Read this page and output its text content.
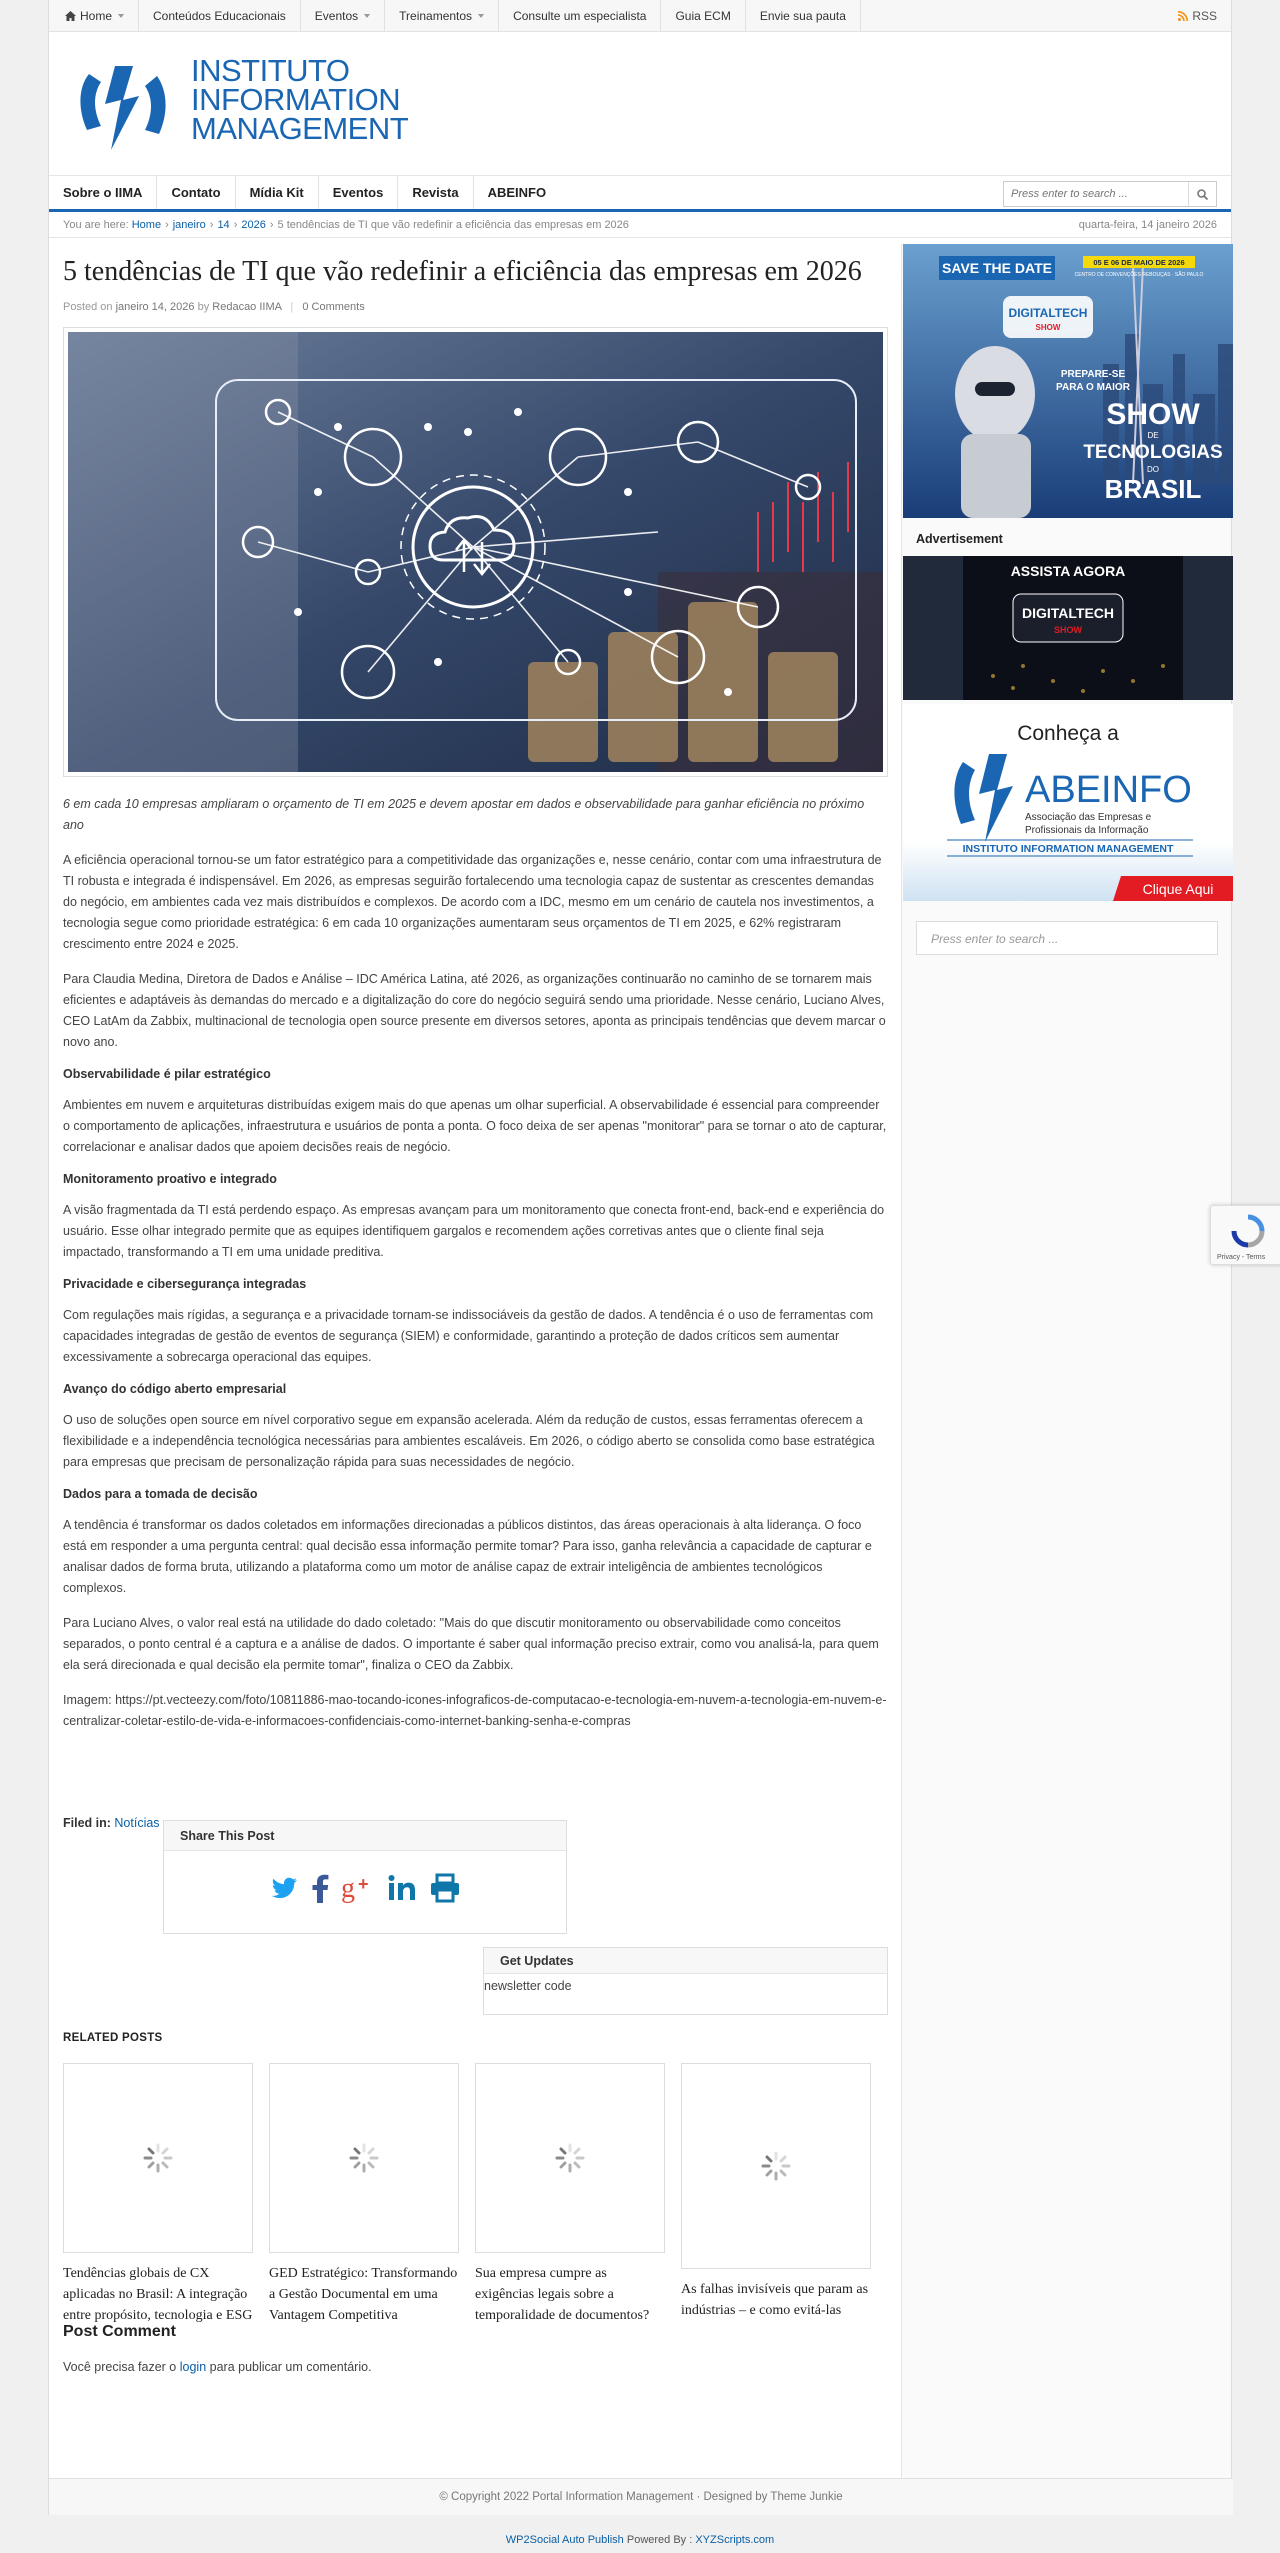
Home	Conteúdos Educacionais Eventos	Treinamentos	Consulte um especialista Guia ECM Envie sua pauta	RSS
INSTITUTO
INFORMATION
MANAGEMENT
Sobre o IIMA	Contato	Mídia Kit	Eventos	Revista	ABEINFO
Press enter to search ...
You are here:
Home › janeiro › 14 › 2026 › 5 tendências de TI que vão redefinir a eficiência das empresas em 2026	quarta-feira, 14 janeiro 2026
5 tendências de TI que vão redefinir a eficiência das empresas em 2026
Posted on janeiro 14, 2026 by Redacao IIMA | 0 Comments

6 em cada 10 empresas ampliaram o orçamento de TI em 2025 e devem apostar em dados e observabilidade para ganhar eficiência no próximo ano

A eficiência operacional tornou-se um fator estratégico para a competitividade das organizações e, nesse cenário, contar com uma infraestrutura de TI robusta e integrada é indispensável. Em 2026, as empresas seguirão fortalecendo uma tecnologia capaz de sustentar as crescentes demandas do negócio, em ambientes cada vez mais distribuídos e complexos. De acordo com a IDC, mesmo em um cenário de cautela nos investimentos, a tecnologia segue como prioridade estratégica: 6 em cada 10 organizações aumentaram seus orçamentos de TI em 2025, e 62% registraram crescimento entre 2024 e 2025.

Para Claudia Medina, Diretora de Dados e Análise – IDC América Latina, até 2026, as organizações continuarão no caminho de se tornarem mais eficientes e adaptáveis às demandas do mercado e a digitalização do core do negócio seguirá sendo uma prioridade. Nesse cenário, Luciano Alves, CEO LatAm da Zabbix, multinacional de tecnologia open source presente em diversos setores, aponta as principais tendências que devem marcar o novo ano.

Observabilidade é pilar estratégico

Ambientes em nuvem e arquiteturas distribuídas exigem mais do que apenas um olhar superficial. A observabilidade é essencial para compreender o comportamento de aplicações, infraestrutura e usuários de ponta a ponta. O foco deixa de ser apenas "monitorar" para se tornar o ato de capturar, correlacionar e analisar dados que apoiem decisões reais de negócio.

Monitoramento proativo e integrado

A visão fragmentada da TI está perdendo espaço. As empresas avançam para um monitoramento que conecta front-end, back-end e experiência do usuário. Esse olhar integrado permite que as equipes identifiquem gargalos e recomendem ações corretivas antes que o cliente final seja impactado, transformando a TI em uma unidade preditiva.

Privacidade e cibersegurança integradas

Com regulações mais rígidas, a segurança e a privacidade tornam-se indissociáveis da gestão de dados. A tendência é o uso de ferramentas com capacidades integradas de gestão de eventos de segurança (SIEM) e conformidade, garantindo a proteção de dados críticos sem aumentar excessivamente a sobrecarga operacional das equipes.

Avanço do código aberto empresarial

O uso de soluções open source em nível corporativo segue em expansão acelerada. Além da redução de custos, essas ferramentas oferecem a flexibilidade e a independência tecnológica necessárias para ambientes escaláveis. Em 2026, o código aberto se consolida como base estratégica para empresas que precisam de personalização rápida para suas necessidades de negócio.

Dados para a tomada de decisão

A tendência é transformar os dados coletados em informações direcionadas a públicos distintos, das áreas operacionais à alta liderança. O foco está em responder a uma pergunta central: qual decisão essa informação permite tomar? Para isso, ganha relevância a capacidade de capturar e analisar dados de forma bruta, utilizando a plataforma como um motor de análise capaz de extrair inteligência de ambientes tecnológicos complexos.

Para Luciano Alves, o valor real está na utilidade do dado coletado: "Mais do que discutir monitoramento ou observabilidade como conceitos separados, o ponto central é a captura e a análise de dados. O importante é saber qual informação preciso extrair, como vou analisá-la, para quem ela será direcionada e qual decisão ela permite tomar", finaliza o CEO da Zabbix.

Imagem: https://pt.vecteezy.com/foto/10811886-mao-tocando-icones-infograficos-de-computacao-e-tecnologia-em-nuvem-a-tecnologia-em-nuvem-e-centralizar-coletar-estilo-de-vida-e-informacoes-confidenciais-como-internet-banking-senha-e-compras

Filed in: Notícias
Share This Post
g +
Get Updates
newsletter code
RELATED POSTS
Tendências globais de CX aplicadas no Brasil: A integração entre propósito, tecnologia e ESG
GED Estratégico: Transformando a Gestão Documental em uma Vantagem Competitiva
Sua empresa cumpre as exigências legais sobre a temporalidade de documentos?
As falhas invisíveis que param as indústrias – e como evitá-las
Post Comment
Você precisa fazer o login para publicar um comentário.
SAVE THE DATE	05 E 06 DE MAIO DE 2026
CENTRO DE CONVENÇÕES REBOUÇAS · SÃO PAULO
DIGITALTECH
SHOW
PREPARE-SE
PARA O MAIOR
SHOW
DE
TECNOLOGIAS
DO
BRASIL
Advertisement
ASSISTA AGORA
DIGITALTECH
SHOW
Conheça a
ABEINFO
Associação das Empresas e
Profissionais da Informação
INSTITUTO INFORMATION MANAGEMENT
Clique Aqui
Press enter to search ...
© Copyright 2022 Portal Information Management · Designed by Theme Junkie
WP2Social Auto Publish Powered By : XYZScripts.com
Privacy - Terms
